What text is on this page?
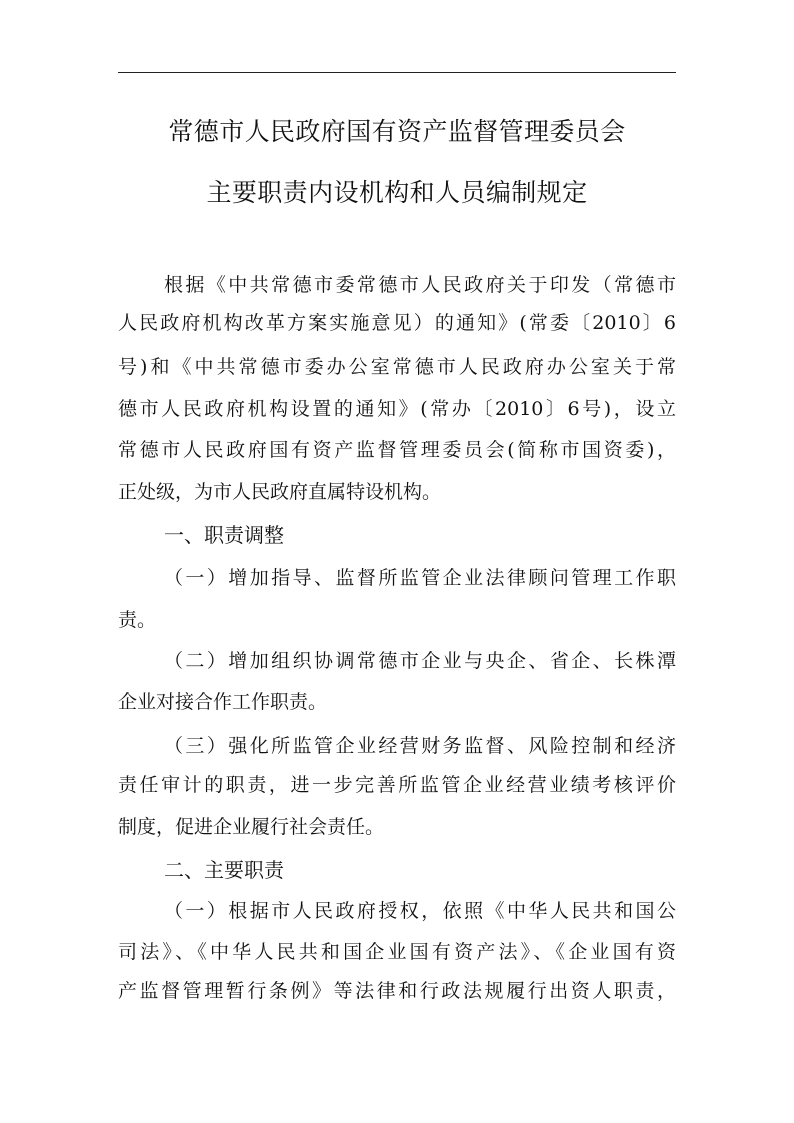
常德市人民政府国有资产监督管理委员会
主要职责内设机构和人员编制规定
根据《中共常德市委常德市人民政府关于印发（常德市
人民政府机构改革方案实施意见）的通知》(常委〔2010〕6
号)和《中共常德市委办公室常德市人民政府办公室关于常
德市人民政府机构设置的通知》(常办〔2010〕6号)，设立
常德市人民政府国有资产监督管理委员会(简称市国资委)，
正处级，为市人民政府直属特设机构。
一、职责调整
（一）增加指导、监督所监管企业法律顾问管理工作职
责。
（二）增加组织协调常德市企业与央企、省企、长株潭
企业对接合作工作职责。
（三）强化所监管企业经营财务监督、风险控制和经济
责任审计的职责，进一步完善所监管企业经营业绩考核评价
制度，促进企业履行社会责任。
二、主要职责
（一）根据市人民政府授权，依照《中华人民共和国公
司法》、《中华人民共和国企业国有资产法》、《企业国有资
产监督管理暂行条例》等法律和行政法规履行出资人职责，
